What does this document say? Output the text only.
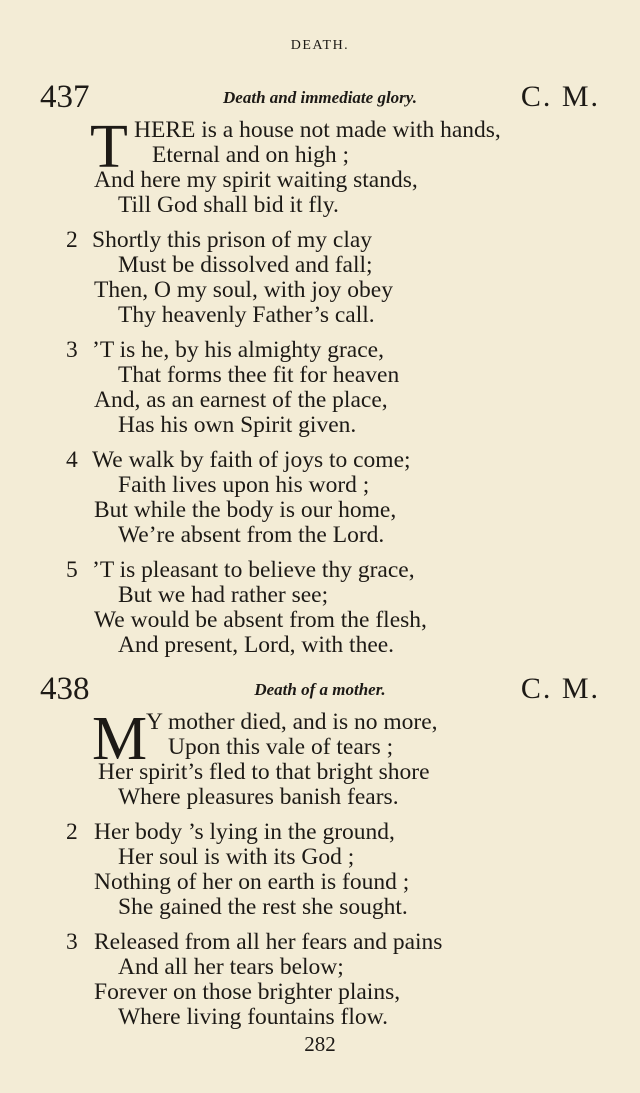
DEATH.
437	Death and immediate glory.	C. M.
T HERE is a house not made with hands,
Eternal and on high ;
And here my spirit waiting stands,
Till God shall bid it fly.
2 Shortly this prison of my clay
Must be dissolved and fall;
Then, O my soul, with joy obey
Thy heavenly Father’s call.
3 ’T is he, by his almighty grace,
That forms thee fit for heaven
And, as an earnest of the place,
Has his own Spirit given.
4 We walk by faith of joys to come;
Faith lives upon his word ;
But while the body is our home,
We’re absent from the Lord.
5 ’T is pleasant to believe thy grace,
But we had rather see;
We would be absent from the flesh,
And present, Lord, with thee.
438	Death of a mother.	C. M.
M
Y mother died, and is no more,
Upon this vale of tears ;
Her spirit’s fled to that bright shore
Where pleasures banish fears.
2 Her body ’s lying in the ground,
Her soul is with its God ;
Nothing of her on earth is found ;
She gained the rest she sought.
3 Released from all her fears and pains
And all her tears below;
Forever on those brighter plains,
Where living fountains flow.
282
